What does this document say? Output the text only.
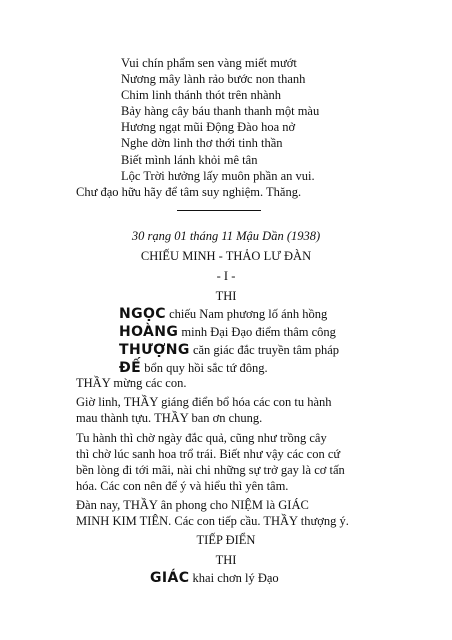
Vui chín phẩm sen vàng miết mướt
Nương mây lành rảo bước non thanh
Chim linh thánh thót trên nhành
Bảy hàng cây báu thanh thanh một màu
Hương ngạt mũi Động Đào hoa nở
Nghe dờn linh thơ thới tinh thần
Biết mình lánh khỏi mê tân
Lộc Trời hưởng lấy muôn phần an vui.
Chư đạo hữu hãy để tâm suy nghiệm. Thăng.
30 rạng 01 tháng 11 Mậu Dần (1938)
CHIẾU MINH - THẢO LƯ ĐÀN
- I -
THI
NGỌC chiếu Nam phương lố ánh hồng
HOÀNG minh Đại Đạo điểm thâm công
THƯỢNG căn giác đắc truyền tâm pháp
ĐẾ bổn quy hồi sắc tứ đông.
THẦY mừng các con.
Giờ linh, THẦY giáng điển bổ hóa các con tu hành
mau thành tựu. THẦY ban ơn chung.
Tu hành thì chờ ngày đắc quả, cũng như trồng cây
thì chờ lúc sanh hoa trổ trái. Biết như vậy các con cứ
bền lòng đi tới mãi, nài chi những sự trở gay là cơ tấn
hóa. Các con nên để ý và hiểu thì yên tâm.
Đàn nay, THẦY ân phong cho NIỆM là GIÁC
MINH KIM TIÊN. Các con tiếp cầu. THẦY thượng ý.
TIẾP ĐIỂN
THI
GIÁC khai chơn lý Đạo
